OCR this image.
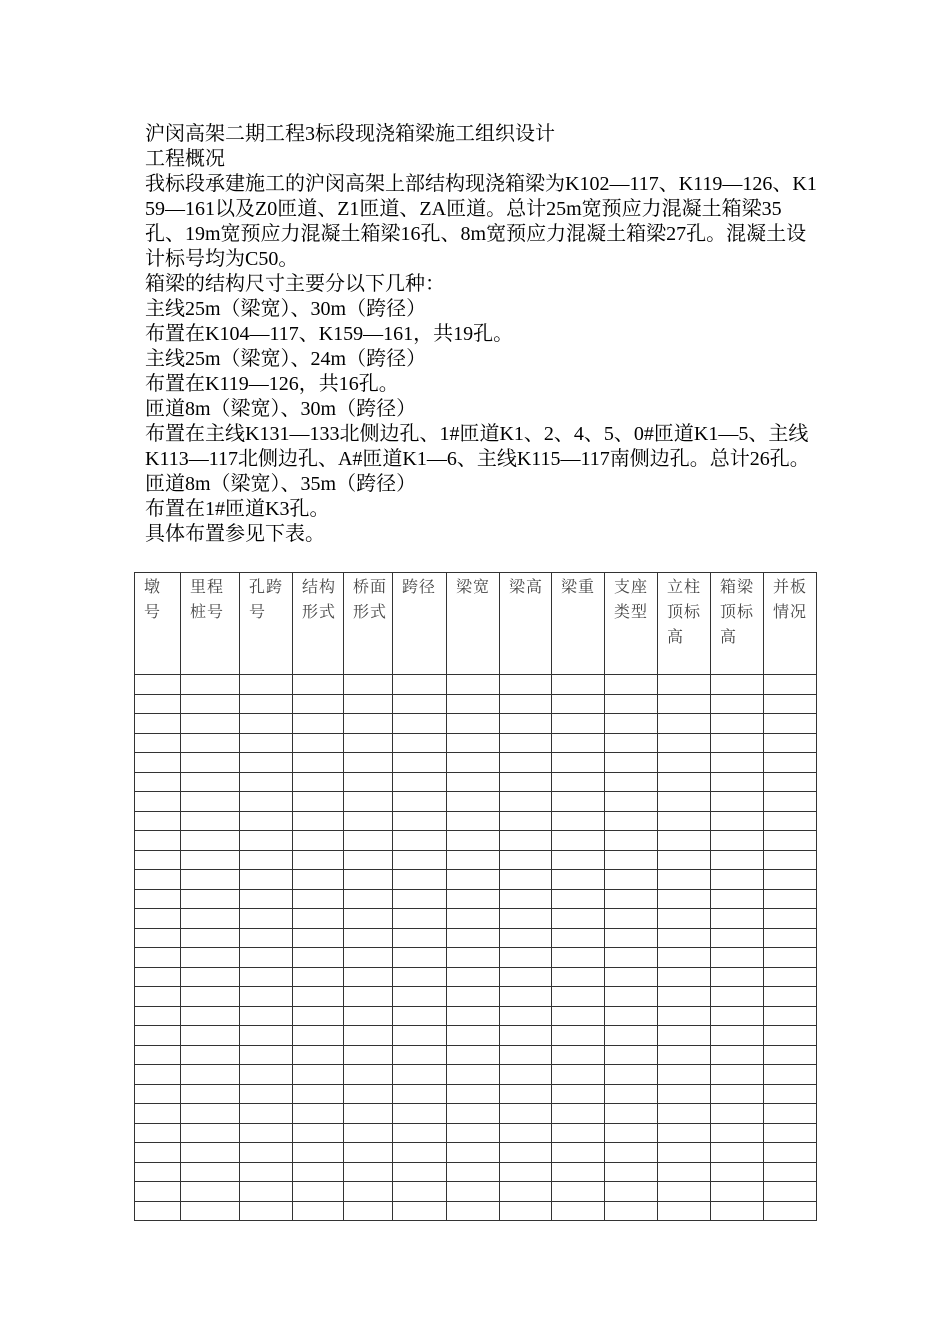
沪闵高架二期工程3标段现浇箱梁施工组织设计

工程概况

我标段承建施工的沪闵高架上部结构现浇箱梁为K102—117、K119—126、K159—161以及Z0匝道、Z1匝道、ZA匝道。总计25m宽预应力混凝土箱梁35孔、19m宽预应力混凝土箱梁16孔、8m宽预应力混凝土箱梁27孔。混凝土设计标号均为C50。

箱梁的结构尺寸主要分以下几种：

主线25m（梁宽）、30m（跨径）

布置在K104—117、K159—161，共19孔。

主线25m（梁宽）、24m（跨径）

布置在K119—126，共16孔。

匝道8m（梁宽）、30m（跨径）

布置在主线K131—133北侧边孔、1#匝道K1、2、4、5、0#匝道K1—5、主线K113—117北侧边孔、A#匝道K1—6、主线K115—117南侧边孔。总计26孔。

匝道8m（梁宽）、35m（跨径）

布置在1#匝道K3孔。

具体布置参见下表。

墩号	里程桩号	孔跨号	结构形式	桥面形式	跨径	梁宽	梁高	梁重	支座类型	立柱顶标高	箱梁顶标高	并板情况
